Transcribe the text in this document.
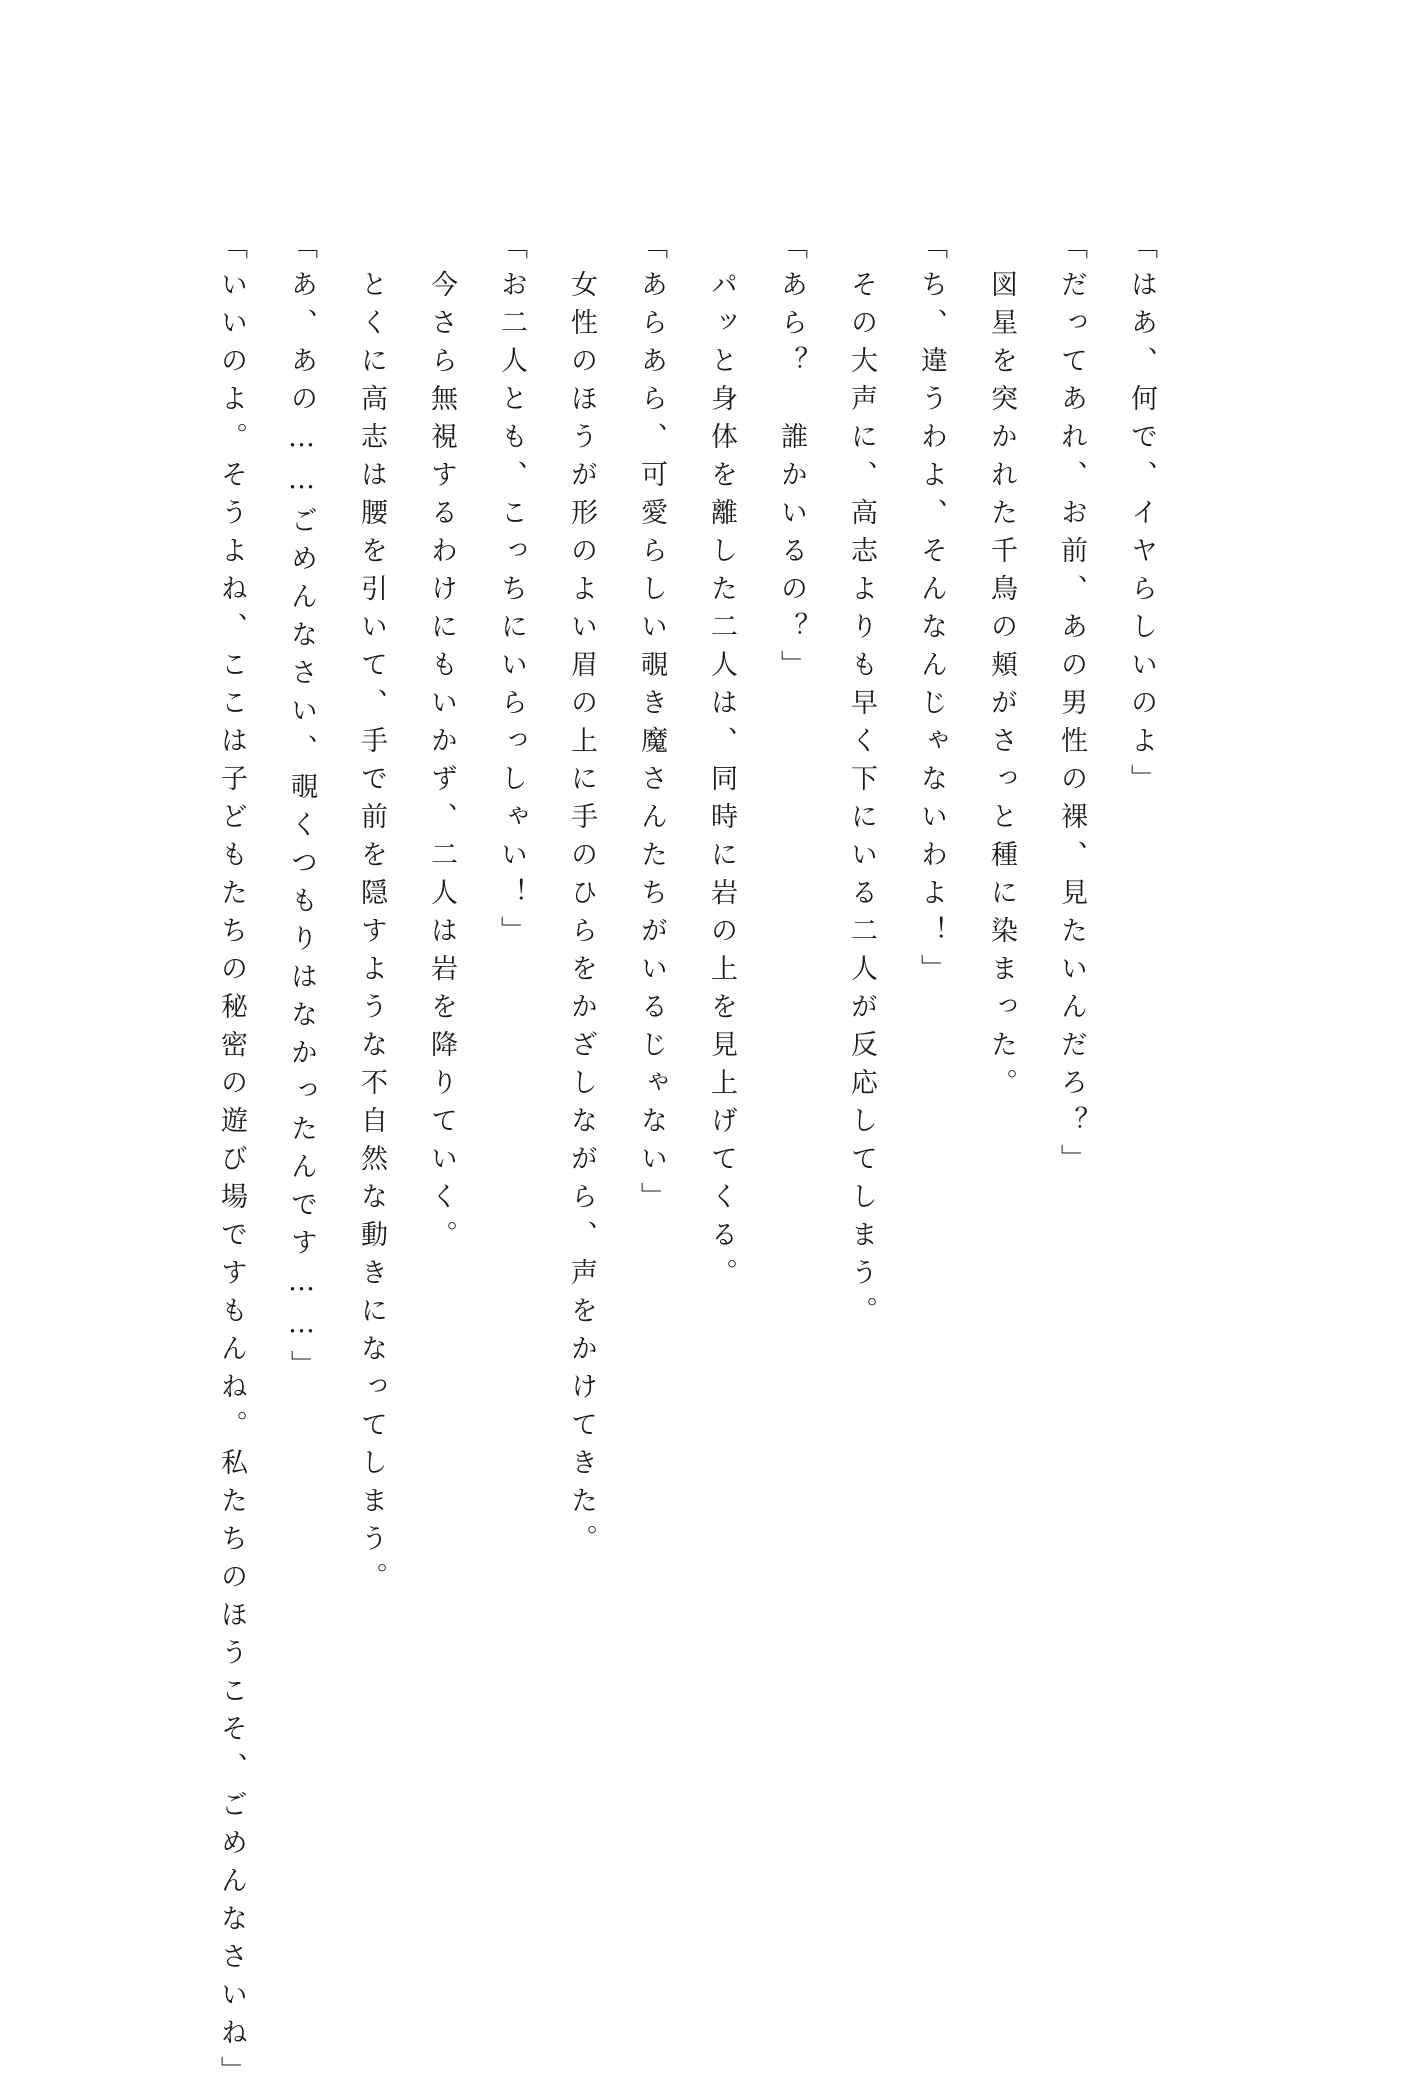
「はあ、何で、イヤらしいのよ」
「だってあれ、お前、あの男性の裸、見たいんだろ？」
　図星を突かれた千鳥の頬がさっと種に染まった。
「ち、違うわよ、そんなんじゃないわよ！」
　その大声に、高志よりも早く下にいる二人が反応してしまう。
「あら？　誰かいるの？」
　パッと身体を離した二人は、同時に岩の上を見上げてくる。
「あらあら、可愛らしい覗き魔さんたちがいるじゃない」
　女性のほうが形のよい眉の上に手のひらをかざしながら、声をかけてきた。
「お二人とも、こっちにいらっしゃい！」
　今さら無視するわけにもいかず、二人は岩を降りていく。
　とくに高志は腰を引いて、手で前を隠すような不自然な動きになってしまう。
「あ、あの……ごめんなさい、覗くつもりはなかったんです……」
「いいのよ。そうよね、ここは子どもたちの秘密の遊び場ですもんね。私たちのほうこそ、ごめんなさいね」
